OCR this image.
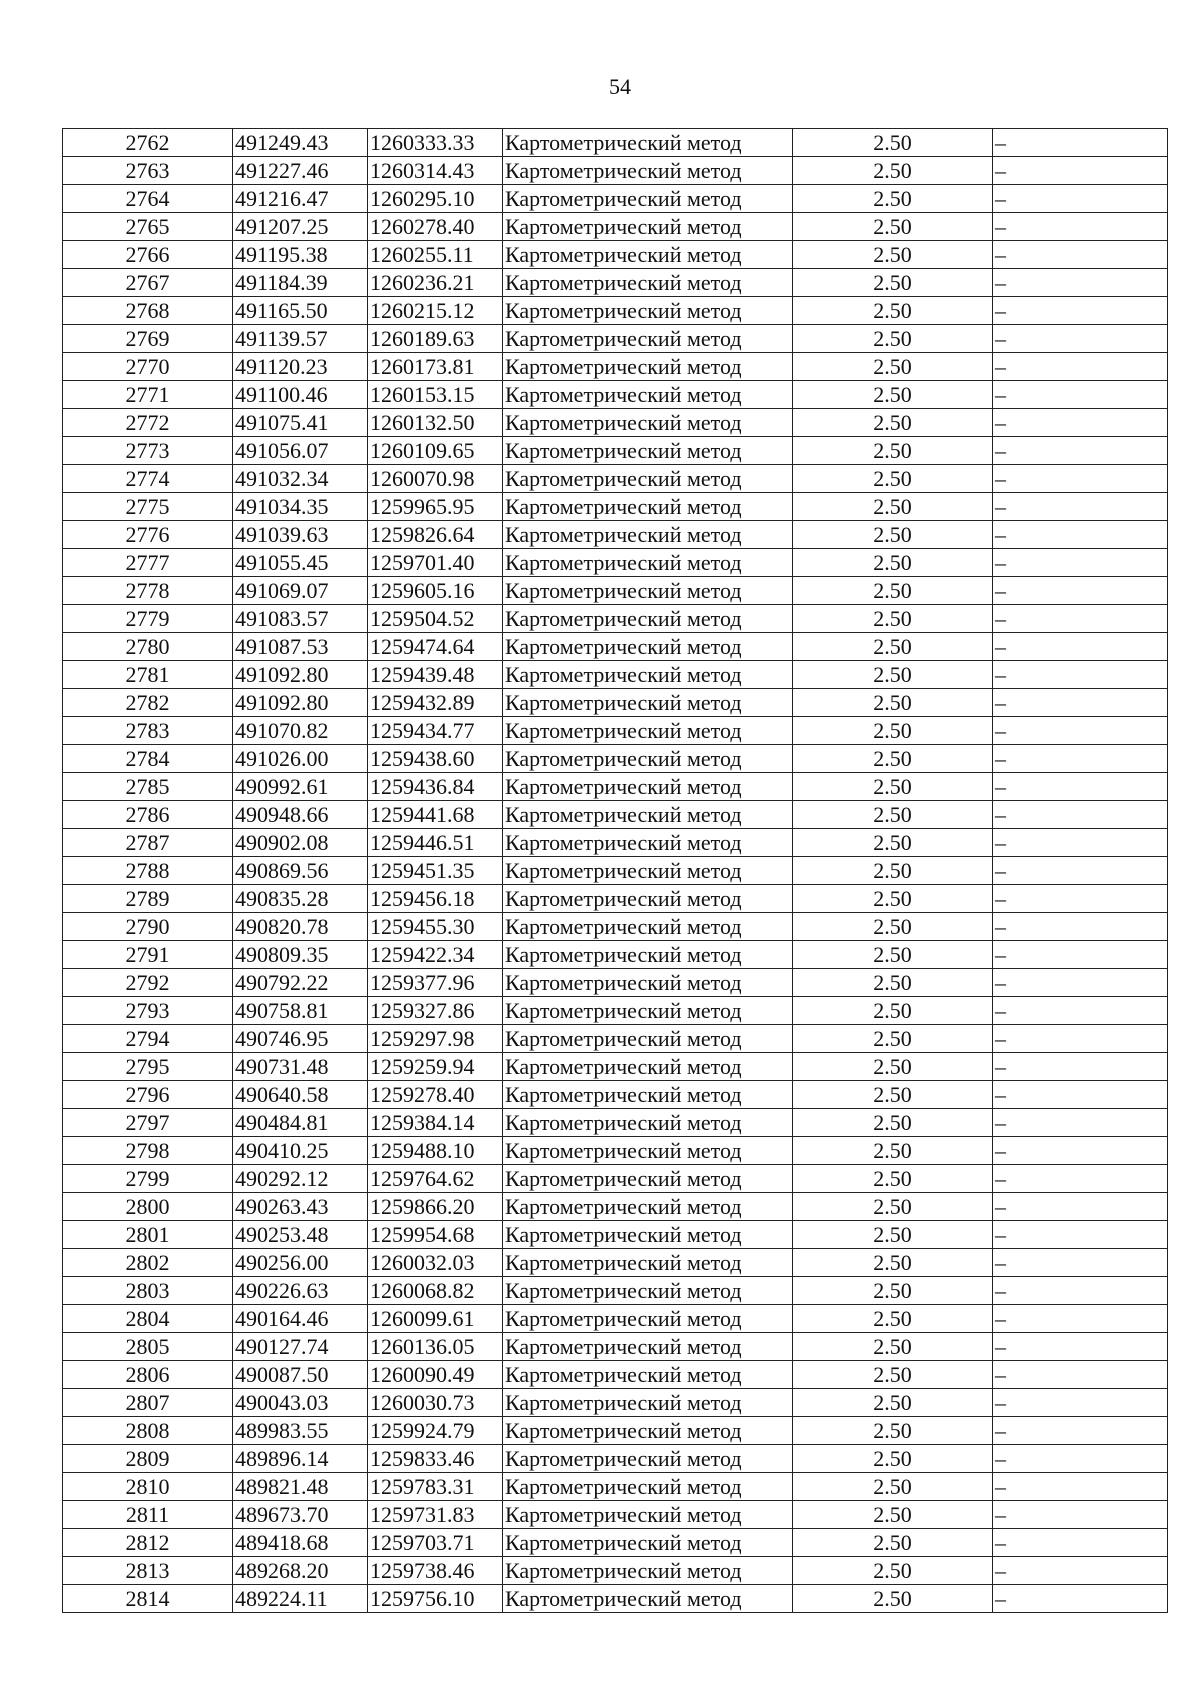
54
2762	491249.43	1260333.33	Картометрический метод	2.50	–
2763	491227.46	1260314.43	Картометрический метод	2.50	–
2764	491216.47	1260295.10	Картометрический метод	2.50	–
2765	491207.25	1260278.40	Картометрический метод	2.50	–
2766	491195.38	1260255.11	Картометрический метод	2.50	–
2767	491184.39	1260236.21	Картометрический метод	2.50	–
2768	491165.50	1260215.12	Картометрический метод	2.50	–
2769	491139.57	1260189.63	Картометрический метод	2.50	–
2770	491120.23	1260173.81	Картометрический метод	2.50	–
2771	491100.46	1260153.15	Картометрический метод	2.50	–
2772	491075.41	1260132.50	Картометрический метод	2.50	–
2773	491056.07	1260109.65	Картометрический метод	2.50	–
2774	491032.34	1260070.98	Картометрический метод	2.50	–
2775	491034.35	1259965.95	Картометрический метод	2.50	–
2776	491039.63	1259826.64	Картометрический метод	2.50	–
2777	491055.45	1259701.40	Картометрический метод	2.50	–
2778	491069.07	1259605.16	Картометрический метод	2.50	–
2779	491083.57	1259504.52	Картометрический метод	2.50	–
2780	491087.53	1259474.64	Картометрический метод	2.50	–
2781	491092.80	1259439.48	Картометрический метод	2.50	–
2782	491092.80	1259432.89	Картометрический метод	2.50	–
2783	491070.82	1259434.77	Картометрический метод	2.50	–
2784	491026.00	1259438.60	Картометрический метод	2.50	–
2785	490992.61	1259436.84	Картометрический метод	2.50	–
2786	490948.66	1259441.68	Картометрический метод	2.50	–
2787	490902.08	1259446.51	Картометрический метод	2.50	–
2788	490869.56	1259451.35	Картометрический метод	2.50	–
2789	490835.28	1259456.18	Картометрический метод	2.50	–
2790	490820.78	1259455.30	Картометрический метод	2.50	–
2791	490809.35	1259422.34	Картометрический метод	2.50	–
2792	490792.22	1259377.96	Картометрический метод	2.50	–
2793	490758.81	1259327.86	Картометрический метод	2.50	–
2794	490746.95	1259297.98	Картометрический метод	2.50	–
2795	490731.48	1259259.94	Картометрический метод	2.50	–
2796	490640.58	1259278.40	Картометрический метод	2.50	–
2797	490484.81	1259384.14	Картометрический метод	2.50	–
2798	490410.25	1259488.10	Картометрический метод	2.50	–
2799	490292.12	1259764.62	Картометрический метод	2.50	–
2800	490263.43	1259866.20	Картометрический метод	2.50	–
2801	490253.48	1259954.68	Картометрический метод	2.50	–
2802	490256.00	1260032.03	Картометрический метод	2.50	–
2803	490226.63	1260068.82	Картометрический метод	2.50	–
2804	490164.46	1260099.61	Картометрический метод	2.50	–
2805	490127.74	1260136.05	Картометрический метод	2.50	–
2806	490087.50	1260090.49	Картометрический метод	2.50	–
2807	490043.03	1260030.73	Картометрический метод	2.50	–
2808	489983.55	1259924.79	Картометрический метод	2.50	–
2809	489896.14	1259833.46	Картометрический метод	2.50	–
2810	489821.48	1259783.31	Картометрический метод	2.50	–
2811	489673.70	1259731.83	Картометрический метод	2.50	–
2812	489418.68	1259703.71	Картометрический метод	2.50	–
2813	489268.20	1259738.46	Картометрический метод	2.50	–
2814	489224.11	1259756.10	Картометрический метод	2.50	–
